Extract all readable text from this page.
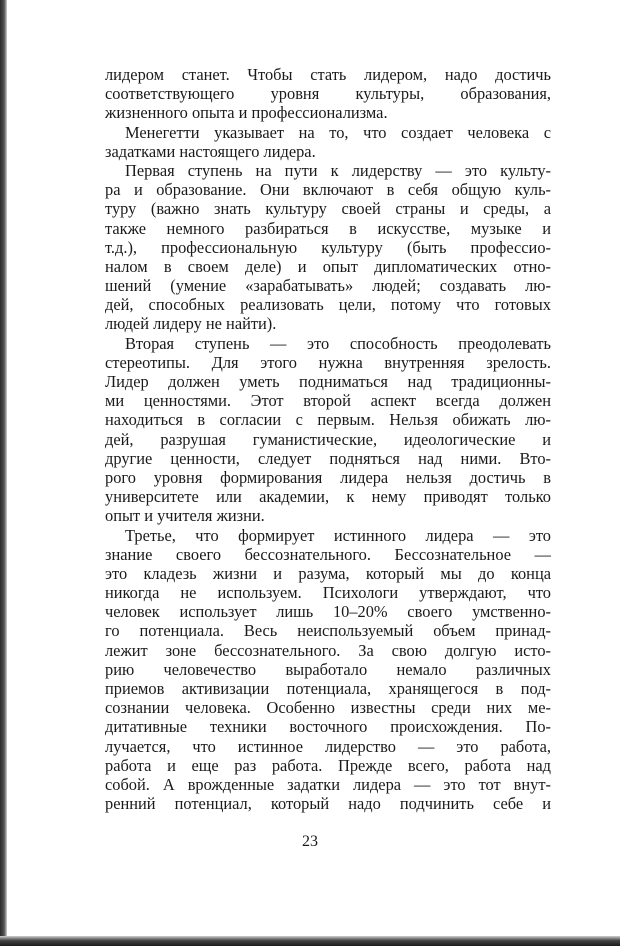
лидером станет. Чтобы стать лидером, надо достичь
соответствующего уровня культуры, образования,
жизненного опыта и профессионализма.
Менегетти указывает на то, что создает человека с
задатками настоящего лидера.
Первая ступень на пути к лидерству — это культу-
ра и образование. Они включают в себя общую куль-
туру (важно знать культуру своей страны и среды, а
также немного разбираться в искусстве, музыке и
т.д.), профессиональную культуру (быть профессио-
налом в своем деле) и опыт дипломатических отно-
шений (умение «зарабатывать» людей; создавать лю-
дей, способных реализовать цели, потому что готовых
людей лидеру не найти).
Вторая ступень — это способность преодолевать
стереотипы. Для этого нужна внутренняя зрелость.
Лидер должен уметь подниматься над традиционны-
ми ценностями. Этот второй аспект всегда должен
находиться в согласии с первым. Нельзя обижать лю-
дей, разрушая гуманистические, идеологические и
другие ценности, следует подняться над ними. Вто-
рого уровня формирования лидера нельзя достичь в
университете или академии, к нему приводят только
опыт и учителя жизни.
Третье, что формирует истинного лидера — это
знание своего бессознательного. Бессознательное —
это кладезь жизни и разума, который мы до конца
никогда не используем. Психологи утверждают, что
человек использует лишь 10–20% своего умственно-
го потенциала. Весь неиспользуемый объем принад-
лежит зоне бессознательного. За свою долгую исто-
рию человечество выработало немало различных
приемов активизации потенциала, хранящегося в под-
сознании человека. Особенно известны среди них ме-
дитативные техники восточного происхождения. По-
лучается, что истинное лидерство — это работа,
работа и еще раз работа. Прежде всего, работа над
собой. А врожденные задатки лидера — это тот внут-
ренний потенциал, который надо подчинить себе и
23
